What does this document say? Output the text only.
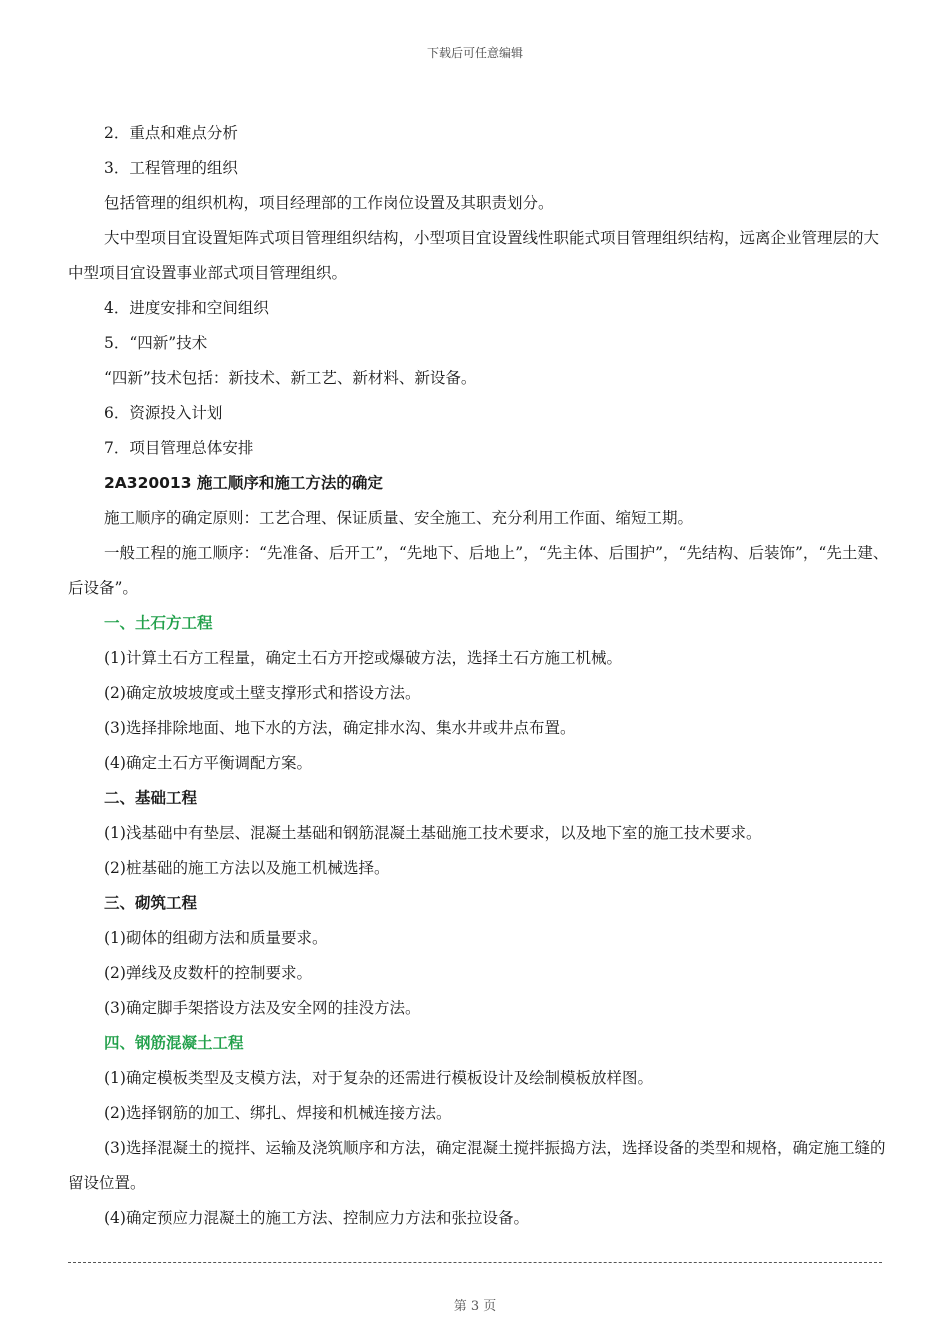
下载后可任意编辑

2．重点和难点分析

3．工程管理的组织

包括管理的组织机构，项目经理部的工作岗位设置及其职责划分。

大中型项目宜设置矩阵式项目管理组织结构，小型项目宜设置线性职能式项目管理组织结构，远离企业管理层的大中型项目宜设置事业部式项目管理组织。

4．进度安排和空间组织

5．“四新”技术

“四新”技术包括：新技术、新工艺、新材料、新设备。

6．资源投入计划

7．项目管理总体安排

2A320013 施工顺序和施工方法的确定

施工顺序的确定原则：工艺合理、保证质量、安全施工、充分利用工作面、缩短工期。

一般工程的施工顺序：“先准备、后开工”，“先地下、后地上”，“先主体、后围护”，“先结构、后装饰”，“先土建、后设备”。

一、土石方工程

(1)计算土石方工程量，确定土石方开挖或爆破方法，选择土石方施工机械。

(2)确定放坡坡度或土壁支撑形式和搭设方法。

(3)选择排除地面、地下水的方法，确定排水沟、集水井或井点布置。

(4)确定土石方平衡调配方案。

二、基础工程

(1)浅基础中有垫层、混凝土基础和钢筋混凝土基础施工技术要求，以及地下室的施工技术要求。

(2)桩基础的施工方法以及施工机械选择。

三、砌筑工程

(1)砌体的组砌方法和质量要求。

(2)弹线及皮数杆的控制要求。

(3)确定脚手架搭设方法及安全网的挂没方法。

四、钢筋混凝土工程

(1)确定模板类型及支模方法，对于复杂的还需进行模板设计及绘制模板放样图。

(2)选择钢筋的加工、绑扎、焊接和机械连接方法。

(3)选择混凝土的搅拌、运输及浇筑顺序和方法，确定混凝土搅拌振捣方法，选择设备的类型和规格，确定施工缝的留设位置。

(4)确定预应力混凝土的施工方法、控制应力方法和张拉设备。

第 3 页
